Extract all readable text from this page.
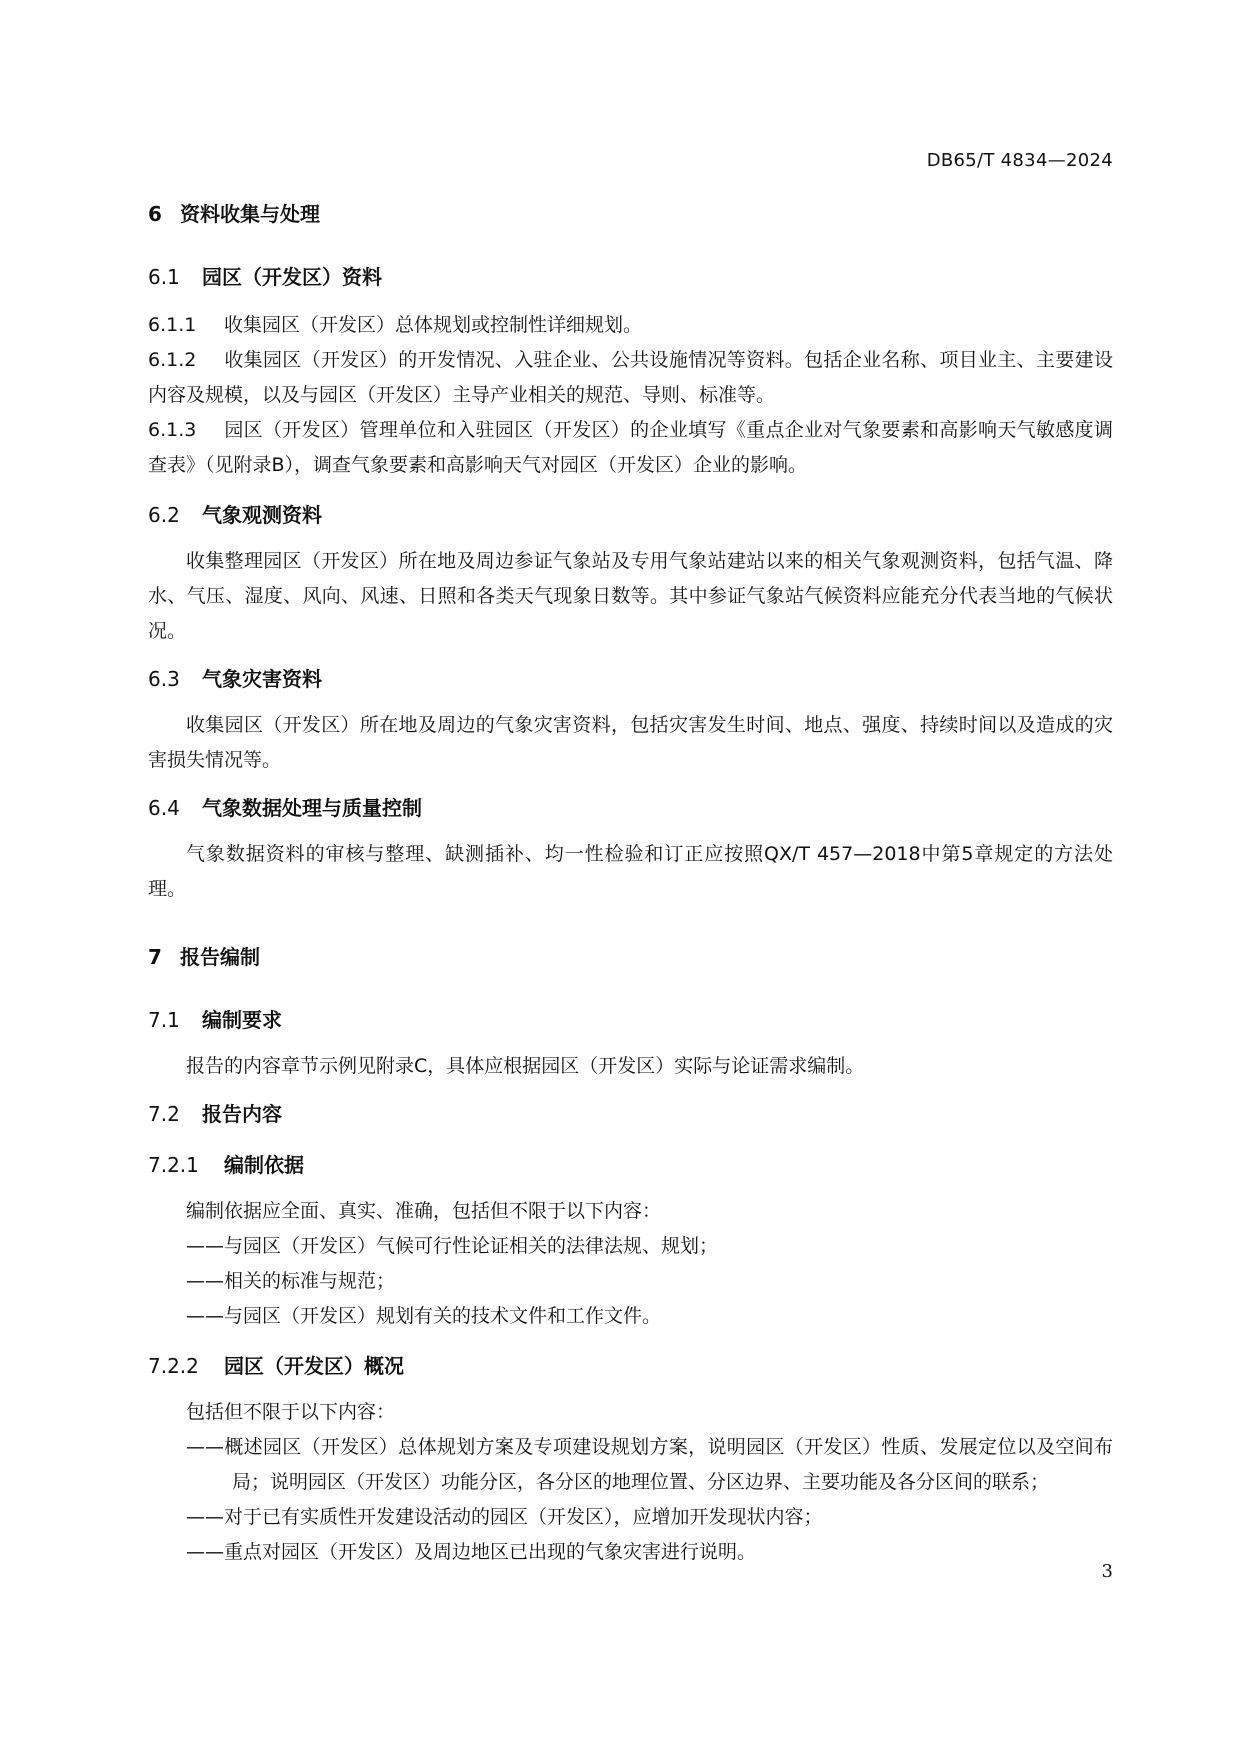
DB65/T 4834—2024
6 资料收集与处理
6.1 园区（开发区）资料

6.1.1 收集园区（开发区）总体规划或控制性详细规划。

6.1.2 收集园区（开发区）的开发情况、入驻企业、公共设施情况等资料。包括企业名称、项目业主、主要建设内容及规模，以及与园区（开发区）主导产业相关的规范、导则、标准等。

6.1.3 园区（开发区）管理单位和入驻园区（开发区）的企业填写《重点企业对气象要素和高影响天气敏感度调查表》（见附录B），调查气象要素和高影响天气对园区（开发区）企业的影响。

6.2 气象观测资料

收集整理园区（开发区）所在地及周边参证气象站及专用气象站建站以来的相关气象观测资料，包括气温、降水、气压、湿度、风向、风速、日照和各类天气现象日数等。其中参证气象站气候资料应能充分代表当地的气候状况。

6.3 气象灾害资料

收集园区（开发区）所在地及周边的气象灾害资料，包括灾害发生时间、地点、强度、持续时间以及造成的灾害损失情况等。

6.4 气象数据处理与质量控制

气象数据资料的审核与整理、缺测插补、均一性检验和订正应按照QX/T 457—2018中第5章规定的方法处理。

7 报告编制
7.1 编制要求

报告的内容章节示例见附录C，具体应根据园区（开发区）实际与论证需求编制。

7.2 报告内容
7.2.1 编制依据

编制依据应全面、真实、准确，包括但不限于以下内容：

——与园区（开发区）气候可行性论证相关的法律法规、规划；

——相关的标准与规范；

——与园区（开发区）规划有关的技术文件和工作文件。

7.2.2 园区（开发区）概况

包括但不限于以下内容：

——概述园区（开发区）总体规划方案及专项建设规划方案，说明园区（开发区）性质、发展定位以及空间布局；说明园区（开发区）功能分区，各分区的地理位置、分区边界、主要功能及各分区间的联系；

——对于已有实质性开发建设活动的园区（开发区），应增加开发现状内容；

——重点对园区（开发区）及周边地区已出现的气象灾害进行说明。

3
